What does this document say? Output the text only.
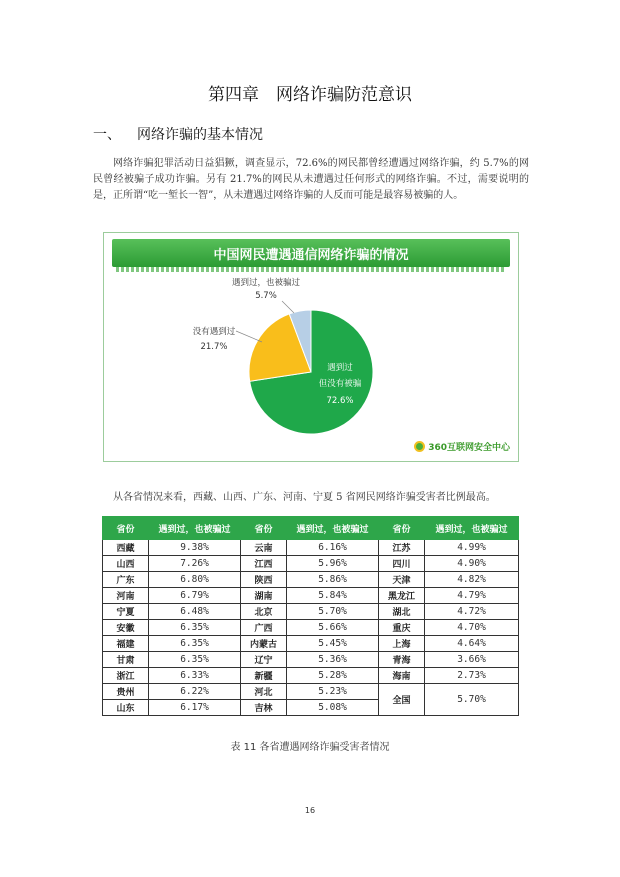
第四章　网络诈骗防范意识
一、 网络诈骗的基本情况
网络诈骗犯罪活动日益猖獗，调查显示，72.6%的网民都曾经遭遇过网络诈骗，约 5.7%的网民曾经被骗子成功诈骗。另有 21.7%的网民从未遭遇过任何形式的网络诈骗。不过，需要说明的是，正所谓“吃一堑长一智”，从未遭遇过网络诈骗的人反而可能是最容易被骗的人。
中国网民遭遇通信网络诈骗的情况
遇到过
但没有被骗
72.6%
没有遇到过
21.7%
遇到过，也被骗过
5.7%
360互联网安全中心
从各省情况来看，西藏、山西、广东、河南、宁夏 5 省网民网络诈骗受害者比例最高。
省份	遇到过，也被骗过	省份	遇到过，也被骗过	省份	遇到过，也被骗过
西藏	9.38%	云南	6.16%	江苏	4.99%
山西	7.26%	江西	5.96%	四川	4.90%
广东	6.80%	陕西	5.86%	天津	4.82%
河南	6.79%	湖南	5.84%	黑龙江	4.79%
宁夏	6.48%	北京	5.70%	湖北	4.72%
安徽	6.35%	广西	5.66%	重庆	4.70%
福建	6.35%	内蒙古	5.45%	上海	4.64%
甘肃	6.35%	辽宁	5.36%	青海	3.66%
浙江	6.33%	新疆	5.28%	海南	2.73%
贵州	6.22%	河北	5.23%	全国	5.70%
山东	6.17%	吉林	5.08%		
表 11 各省遭遇网络诈骗受害者情况
16
